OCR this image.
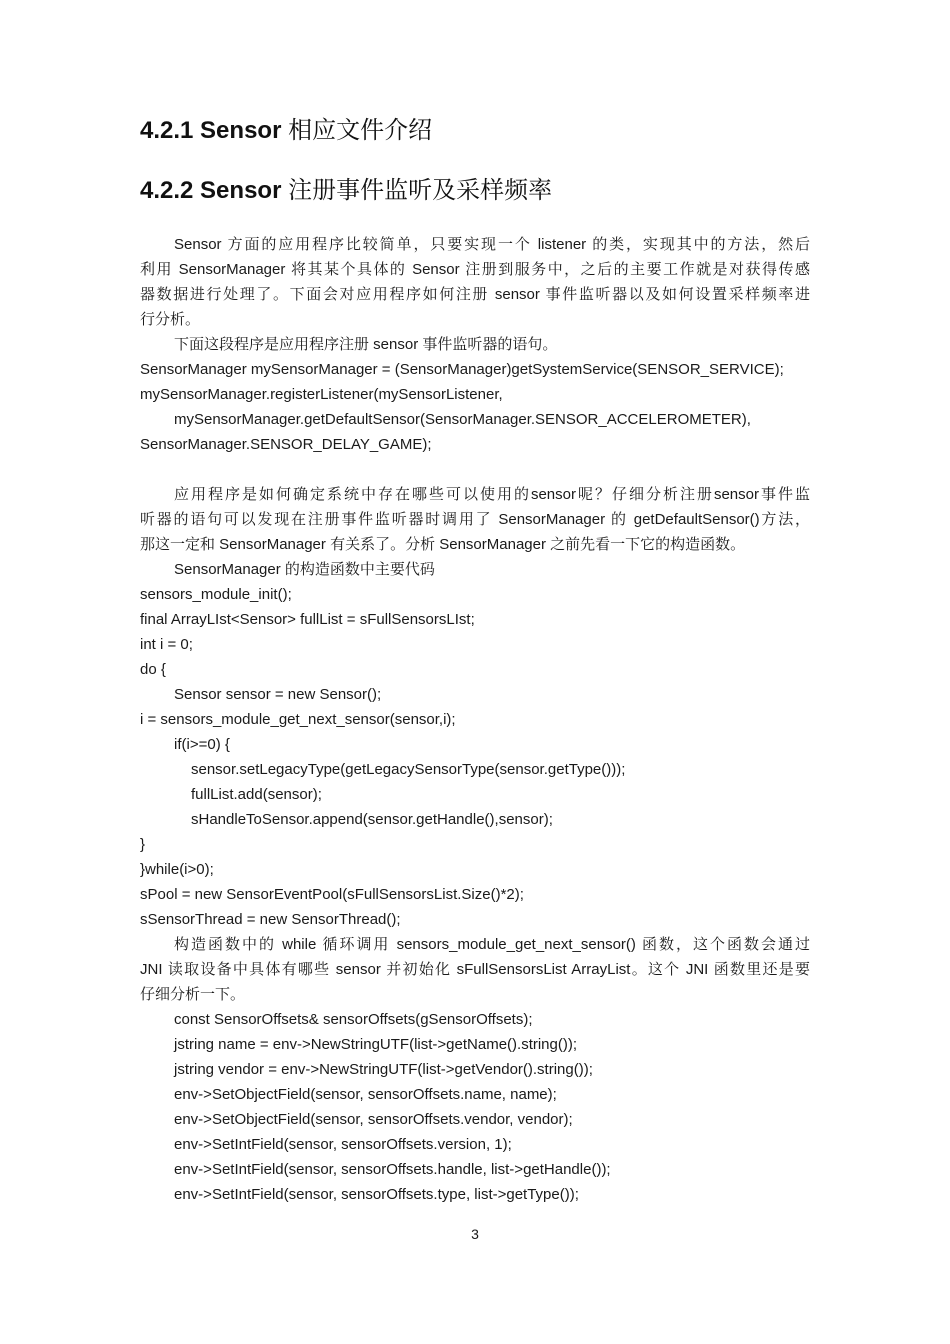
4.2.1 Sensor 相应文件介绍
4.2.2 Sensor 注册事件监听及采样频率
Sensor 方面的应用程序比较简单，只要实现一个 listener 的类，实现其中的方法，然后
利用 SensorManager 将其某个具体的 Sensor 注册到服务中，之后的主要工作就是对获得传感
器数据进行处理了。下面会对应用程序如何注册 sensor 事件监听器以及如何设置采样频率进
行分析。
下面这段程序是应用程序注册 sensor 事件监听器的语句。
SensorManager mySensorManager = (SensorManager)getSystemService(SENSOR_SERVICE);
mySensorManager.registerListener(mySensorListener,
mySensorManager.getDefaultSensor(SensorManager.SENSOR_ACCELEROMETER),
SensorManager.SENSOR_DELAY_GAME);
应用程序是如何确定系统中存在哪些可以使用的sensor呢？仔细分析注册sensor事件监
听器的语句可以发现在注册事件监听器时调用了 SensorManager 的 getDefaultSensor()方法，
那这一定和 SensorManager 有关系了。分析 SensorManager 之前先看一下它的构造函数。
SensorManager 的构造函数中主要代码
sensors_module_init();
final ArrayLIst<Sensor> fullList = sFullSensorsLIst;
int i = 0;
do {
Sensor sensor = new Sensor();
i = sensors_module_get_next_sensor(sensor,i);
if(i>=0) {
sensor.setLegacyType(getLegacySensorType(sensor.getType()));
fullList.add(sensor);
sHandleToSensor.append(sensor.getHandle(),sensor);
}
}while(i>0);
sPool = new SensorEventPool(sFullSensorsList.Size()*2);
sSensorThread = new SensorThread();
构造函数中的 while 循环调用 sensors_module_get_next_sensor() 函数，这个函数会通过
JNI 读取设备中具体有哪些 sensor 并初始化 sFullSensorsList ArrayList。这个 JNI 函数里还是要
仔细分析一下。
const SensorOffsets& sensorOffsets(gSensorOffsets);
jstring name = env->NewStringUTF(list->getName().string());
jstring vendor = env->NewStringUTF(list->getVendor().string());
env->SetObjectField(sensor, sensorOffsets.name, name);
env->SetObjectField(sensor, sensorOffsets.vendor, vendor);
env->SetIntField(sensor, sensorOffsets.version, 1);
env->SetIntField(sensor, sensorOffsets.handle, list->getHandle());
env->SetIntField(sensor, sensorOffsets.type, list->getType());
3
